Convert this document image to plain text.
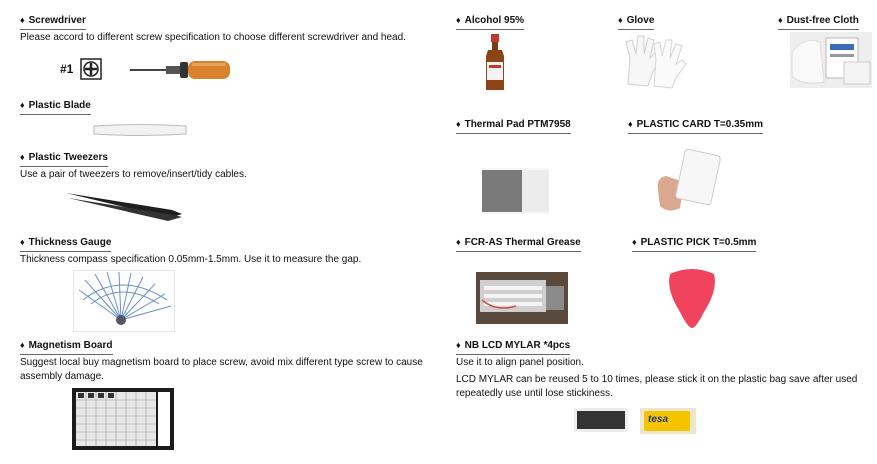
♦ Screwdriver
Please accord to different screw specification to choose different screwdriver and head.
#1
♦ Plastic Blade
♦ Plastic Tweezers
Use a pair of tweezers to remove/insert/tidy cables.
♦ Thickness Gauge
Thickness compass specification 0.05mm-1.5mm. Use it to measure the gap.
♦ Magnetism Board
Suggest local buy magnetism board to place screw, avoid mix different type screw to cause assembly damage.
♦ Alcohol 95%	♦ Glove	♦ Dust-free Cloth
♦ Thermal Pad PTM7958	♦ PLASTIC CARD T=0.35mm
♦ FCR-AS Thermal Grease	♦ PLASTIC PICK T=0.5mm
♦ NB LCD MYLAR *4pcs
Use it to align panel position.
LCD MYLAR can be reused 5 to 10 times, please stick it on the plastic bag save after used repeatedly use until lose stickiness.
tesa
